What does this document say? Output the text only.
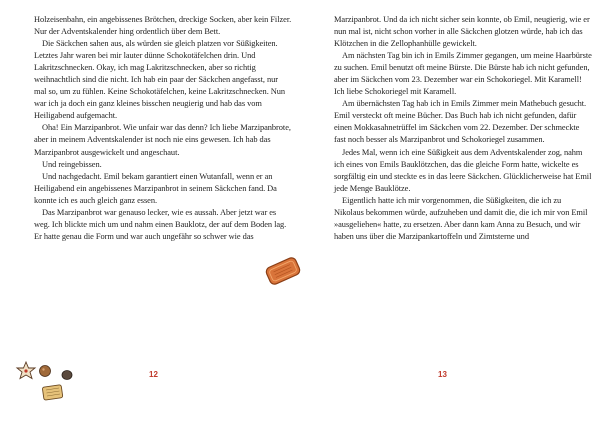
Holzeisenbahn, ein angebissenes Brötchen, dreckige Socken, aber kein Filzer. Nur der Adventskalender hing ordentlich über dem Bett.

Die Säckchen sahen aus, als würden sie gleich platzen vor Süßigkeiten. Letztes Jahr waren bei mir lauter dünne Schokotäfelchen drin. Und Lakritzschnecken. Okay, ich mag Lakritzschnecken, aber so richtig weihnachtlich sind die nicht. Ich hab ein paar der Säckchen angefasst, nur mal so, um zu fühlen. Keine Schokotäfelchen, keine Lakritzschnecken. Nun war ich ja doch ein ganz kleines bisschen neugierig und hab das vom Heiligabend aufgemacht.

Oha! Ein Marzipanbrot. Wie unfair war das denn? Ich liebe Marzipanbrote, aber in meinem Adventskalender ist noch nie eins gewesen. Ich hab das Marzipanbrot ausgewickelt und angeschaut.

Und reingebissen.

Und nachgedacht. Emil bekam garantiert einen Wutanfall, wenn er an Heiligabend ein angebissenes Marzipanbrot in seinem Säckchen fand. Da konnte ich es auch gleich ganz essen.

Das Marzipanbrot war genauso lecker, wie es aussah. Aber jetzt war es weg. Ich blickte mich um und nahm einen Bauklotz, der auf dem Boden lag. Er hatte genau die Form und war auch ungefähr so schwer wie das

Marzipanbrot. Und da ich nicht sicher sein konnte, ob Emil, neugierig, wie er nun mal ist, nicht schon vorher in alle Säckchen glotzen würde, hab ich das Klötzchen in die Zellophanhülle gewickelt.

Am nächsten Tag bin ich in Emils Zimmer gegangen, um meine Haarbürste zu suchen. Emil benutzt oft meine Bürste. Die Bürste hab ich nicht gefunden, aber im Säckchen vom 23. Dezember war ein Schokoriegel. Mit Karamell! Ich liebe Schokoriegel mit Karamell.

Am übernächsten Tag hab ich in Emils Zimmer mein Mathebuch gesucht. Emil versteckt oft meine Bücher. Das Buch hab ich nicht gefunden, dafür einen Mokkasahnetrüffel im Säckchen vom 22. Dezember. Der schmeckte fast noch besser als Marzipanbrot und Schokoriegel zusammen.

Jedes Mal, wenn ich eine Süßigkeit aus dem Adventskalender zog, nahm ich eines von Emils Bauklötzchen, das die gleiche Form hatte, wickelte es sorgfältig ein und steckte es in das leere Säckchen. Glücklicherweise hat Emil jede Menge Bauklötze.

Eigentlich hatte ich mir vorgenommen, die Süßigkeiten, die ich zu Nikolaus bekommen würde, aufzuheben und damit die, die ich mir von Emil »ausgeliehen« hatte, zu ersetzen. Aber dann kam Anna zu Besuch, und wir haben uns über die Marzipankartoffeln und Zimtsterne und

12	13
